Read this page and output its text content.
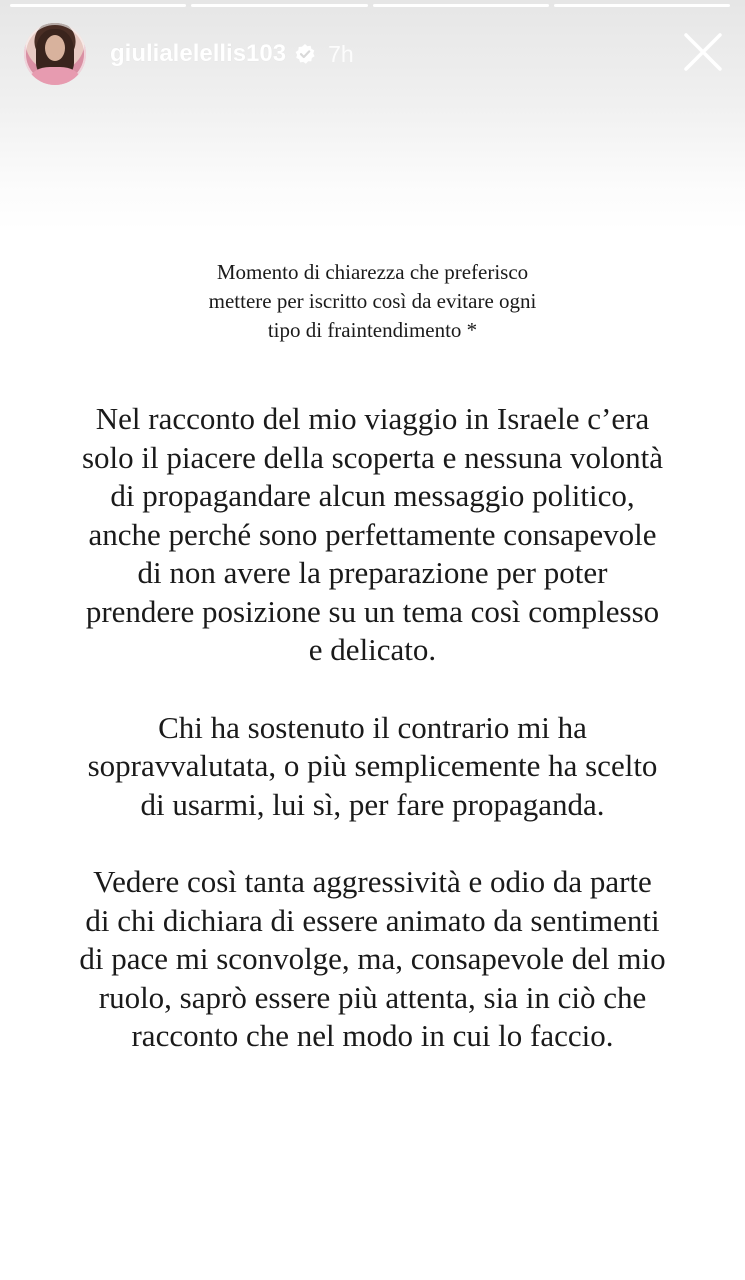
giulialelellis103 7h
Momento di chiarezza che preferisco
mettere per iscritto così da evitare ogni
tipo di fraintendimento *
Nel racconto del mio viaggio in Israele c’era
solo il piacere della scoperta e nessuna volontà
di propagandare alcun messaggio politico,
anche perché sono perfettamente consapevole
di non avere la preparazione per poter
prendere posizione su un tema così complesso
e delicato.
Chi ha sostenuto il contrario mi ha
sopravvalutata, o più semplicemente ha scelto
di usarmi, lui sì, per fare propaganda.
Vedere così tanta aggressività e odio da parte
di chi dichiara di essere animato da sentimenti
di pace mi sconvolge, ma, consapevole del mio
ruolo, saprò essere più attenta, sia in ciò che
racconto che nel modo in cui lo faccio.
